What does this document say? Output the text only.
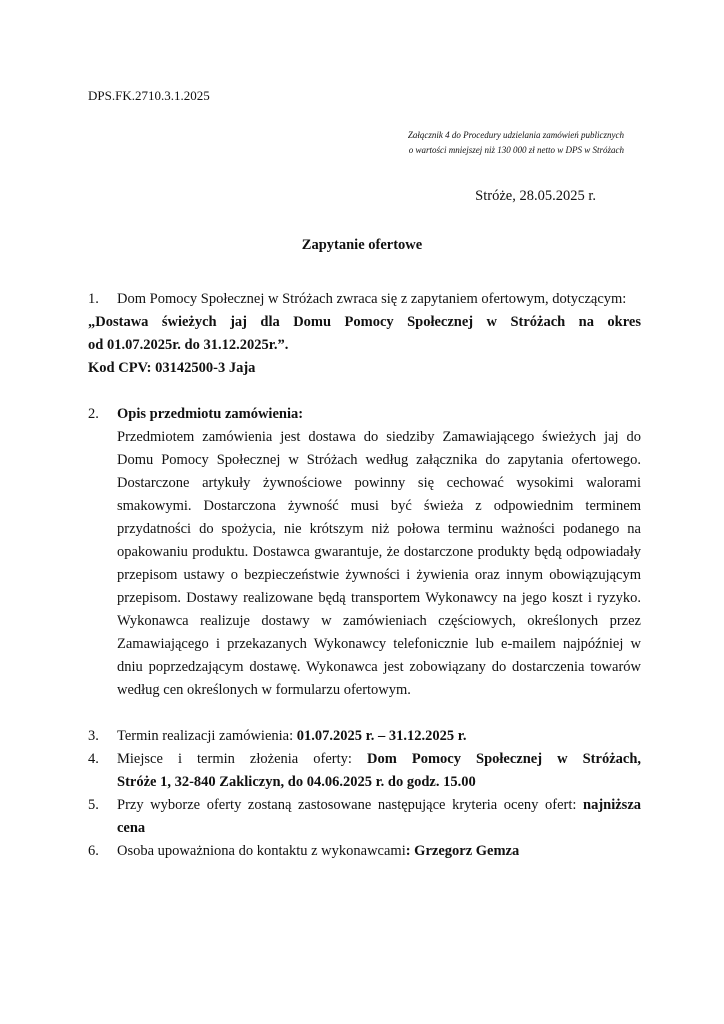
DPS.FK.2710.3.1.2025
Załącznik 4 do Procedury udzielania zamówień publicznych
o wartości mniejszej niż 130 000 zł netto w DPS w Stróżach
Stróże, 28.05.2025 r.
Zapytanie ofertowe
1.	Dom Pomocy Społecznej w Stróżach zwraca się z zapytaniem ofertowym, dotyczącym:
„Dostawa świeżych jaj dla Domu Pomocy Społecznej w Stróżach na okres
od 01.07.2025r. do 31.12.2025r.”.
Kod CPV: 03142500-3 Jaja
2.	Opis przedmiotu zamówienia:
Przedmiotem zamówienia jest dostawa do siedziby Zamawiającego świeżych jaj do Domu Pomocy Społecznej w Stróżach według załącznika do zapytania ofertowego. Dostarczone artykuły żywnościowe powinny się cechować wysokimi walorami smakowymi. Dostarczona żywność musi być świeża z odpowiednim terminem przydatności do spożycia, nie krótszym niż połowa terminu ważności podanego na opakowaniu produktu. Dostawca gwarantuje, że dostarczone produkty będą odpowiadały przepisom ustawy o bezpieczeństwie żywności i żywienia oraz innym obowiązującym przepisom. Dostawy realizowane będą transportem Wykonawcy na jego koszt i ryzyko. Wykonawca realizuje dostawy w zamówieniach częściowych, określonych przez Zamawiającego i przekazanych Wykonawcy telefonicznie lub e-mailem najpóźniej w dniu poprzedzającym dostawę. Wykonawca jest zobowiązany do dostarczenia towarów według cen określonych w formularzu ofertowym.
3.	Termin realizacji zamówienia: 01.07.2025 r. – 31.12.2025 r.
4.	Miejsce i termin złożenia oferty: Dom Pomocy Społecznej w Stróżach,
Stróże 1, 32-840 Zakliczyn, do 04.06.2025 r. do godz. 15.00
5.	Przy wyborze oferty zostaną zastosowane następujące kryteria oceny ofert: najniższa cena
6.	Osoba upoważniona do kontaktu z wykonawcami: Grzegorz Gemza
